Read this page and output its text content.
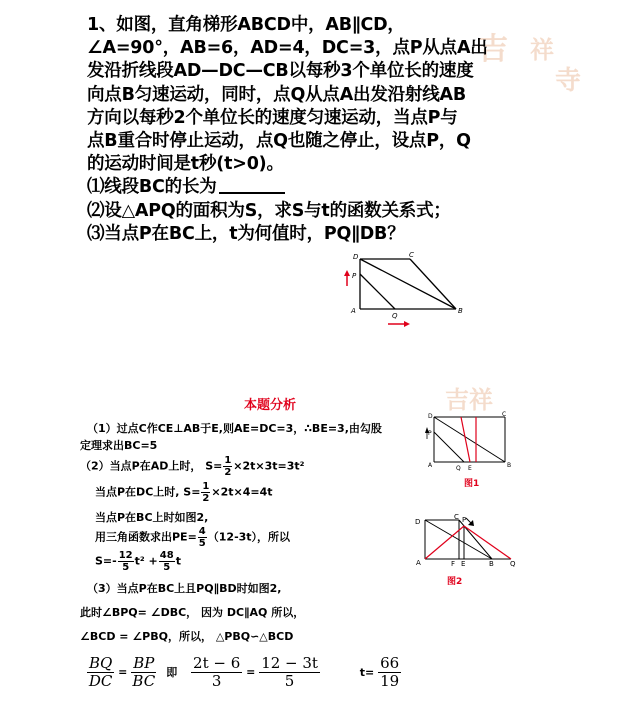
吉 祥
寺
吉祥

1、如图，直角梯形ABCD中，AB∥CD，

∠A=90°，AB=6，AD=4，DC=3，点P从点A出

发沿折线段AD—DC—CB以每秒3个单位长的速度

向点B匀速运动，同时，点Q从点A出发沿射线AB

方向以每秒2个单位长的速度匀速运动，当点P与

点B重合时停止运动，点Q也随之停止，设点P，Q

的运动时间是t秒(t>0)。

⑴线段BC的长为

⑵设△APQ的面积为S，求S与t的函数关系式；

⑶当点P在BC上，t为何值时，PQ∥DB？

D	C
A	B
P
Q
本题分析
（1）过点C作CE⊥AB于E,则AE=DC=3，∴BE=3,由勾股
定理求出BC=5
（2）当点P在AD上时， $S= \frac{1}{2} \times 2t\times 3t=3t^2$
当点P在DC上时, $S= \frac{1}{2} \times 2t\times 4=4t$
当点P在BC上时如图2,
用三角函数求出$PE= \frac{4}{5} (12-3t)$，所以
$S=- \frac{12}{5} t^2 + \frac{48}{5}$ t
（3）当点P在BC上且PQ∥BD时如图2,
此时∠BPQ= ∠DBC， 因为 DC∥AQ 所以，
∠BCD = ∠PBQ，所以， △PBQ∽△BCD
$\frac{BQ}{DC} = \frac{BP}{BC}$ 即 $\frac{2t - 6}{3} = \frac{12 - 3t}{5}$	$t= \frac{66}{19}$
D	C
A	B
P
Q E
图1
D
C P
A	F E	B Q
图2
